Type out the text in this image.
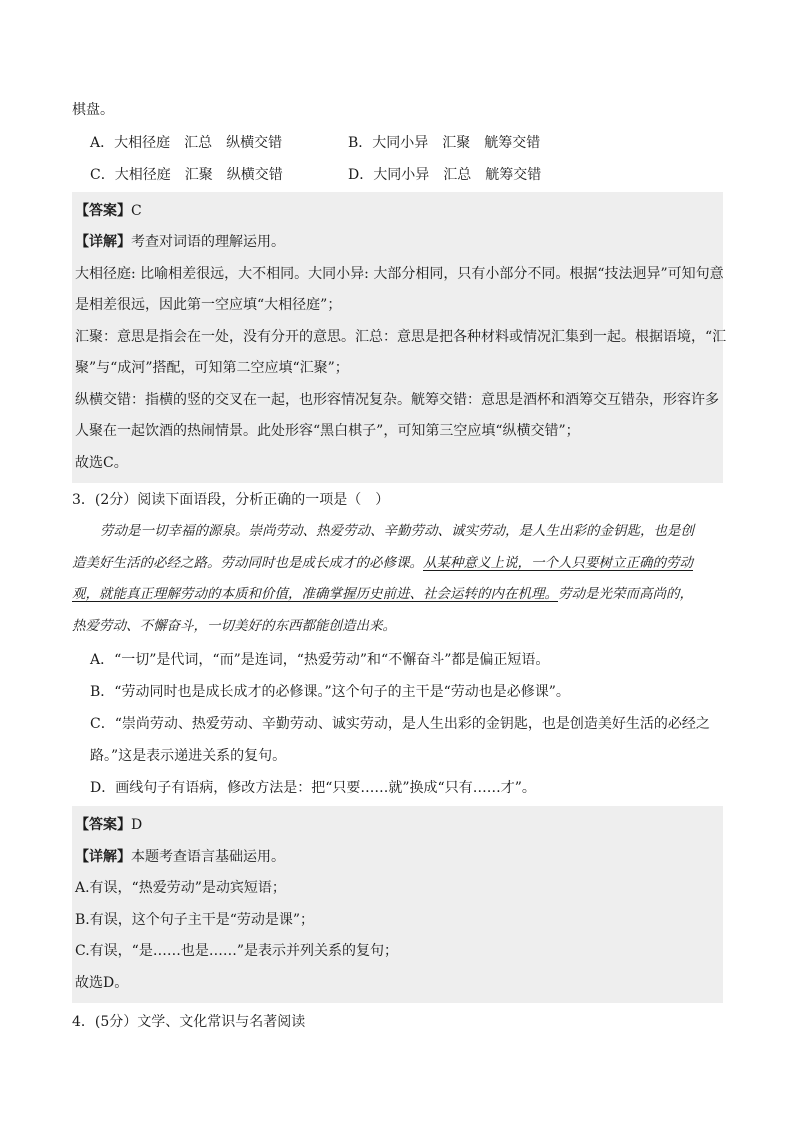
棋盘。
A．大相径庭　汇总　纵横交错	B．大同小异　汇聚　觥筹交错
C．大相径庭　汇聚　纵横交错	D．大同小异　汇总　觥筹交错
【答案】C
【详解】考查对词语的理解运用。
大相径庭: 比喻相差很远，大不相同。大同小异: 大部分相同，只有小部分不同。根据“技法迥异”可知句意
是相差很远，因此第一空应填“大相径庭”；
汇聚：意思是指会在一处，没有分开的意思。汇总：意思是把各种材料或情况汇集到一起。根据语境，“汇
聚”与“成河”搭配，可知第二空应填“汇聚”；
纵横交错：指横的竖的交叉在一起，也形容情况复杂。觥筹交错：意思是酒杯和酒筹交互错杂，形容许多
人聚在一起饮酒的热闹情景。此处形容“黑白棋子”，可知第三空应填“纵横交错”；
故选C。
3．(2分）阅读下面语段，分析正确的一项是（　）
劳动是一切幸福的源泉。崇尚劳动、热爱劳动、辛勤劳动、诚实劳动，是人生出彩的金钥匙，也是创
造美好生活的必经之路。劳动同时也是成长成才的必修课。从某种意义上说，一个人只要树立正确的劳动
观，就能真正理解劳动的本质和价值，准确掌握历史前进、社会运转的内在机理。劳动是光荣而高尚的，
热爱劳动、不懈奋斗，一切美好的东西都能创造出来。
A．“一切”是代词，“而”是连词，“热爱劳动”和“不懈奋斗”都是偏正短语。
B．“劳动同时也是成长成才的必修课。”这个句子的主干是“劳动也是必修课”。
C．“崇尚劳动、热爱劳动、辛勤劳动、诚实劳动，是人生出彩的金钥匙，也是创造美好生活的必经之
路。”这是表示递进关系的复句。
D．画线句子有语病，修改方法是：把“只要……就”换成“只有……才”。
【答案】D
【详解】本题考查语言基础运用。
A.有误，“热爱劳动”是动宾短语；
B.有误，这个句子主干是“劳动是课”；
C.有误，“是……也是……”是表示并列关系的复句；
故选D。
4．(5分）文学、文化常识与名著阅读
